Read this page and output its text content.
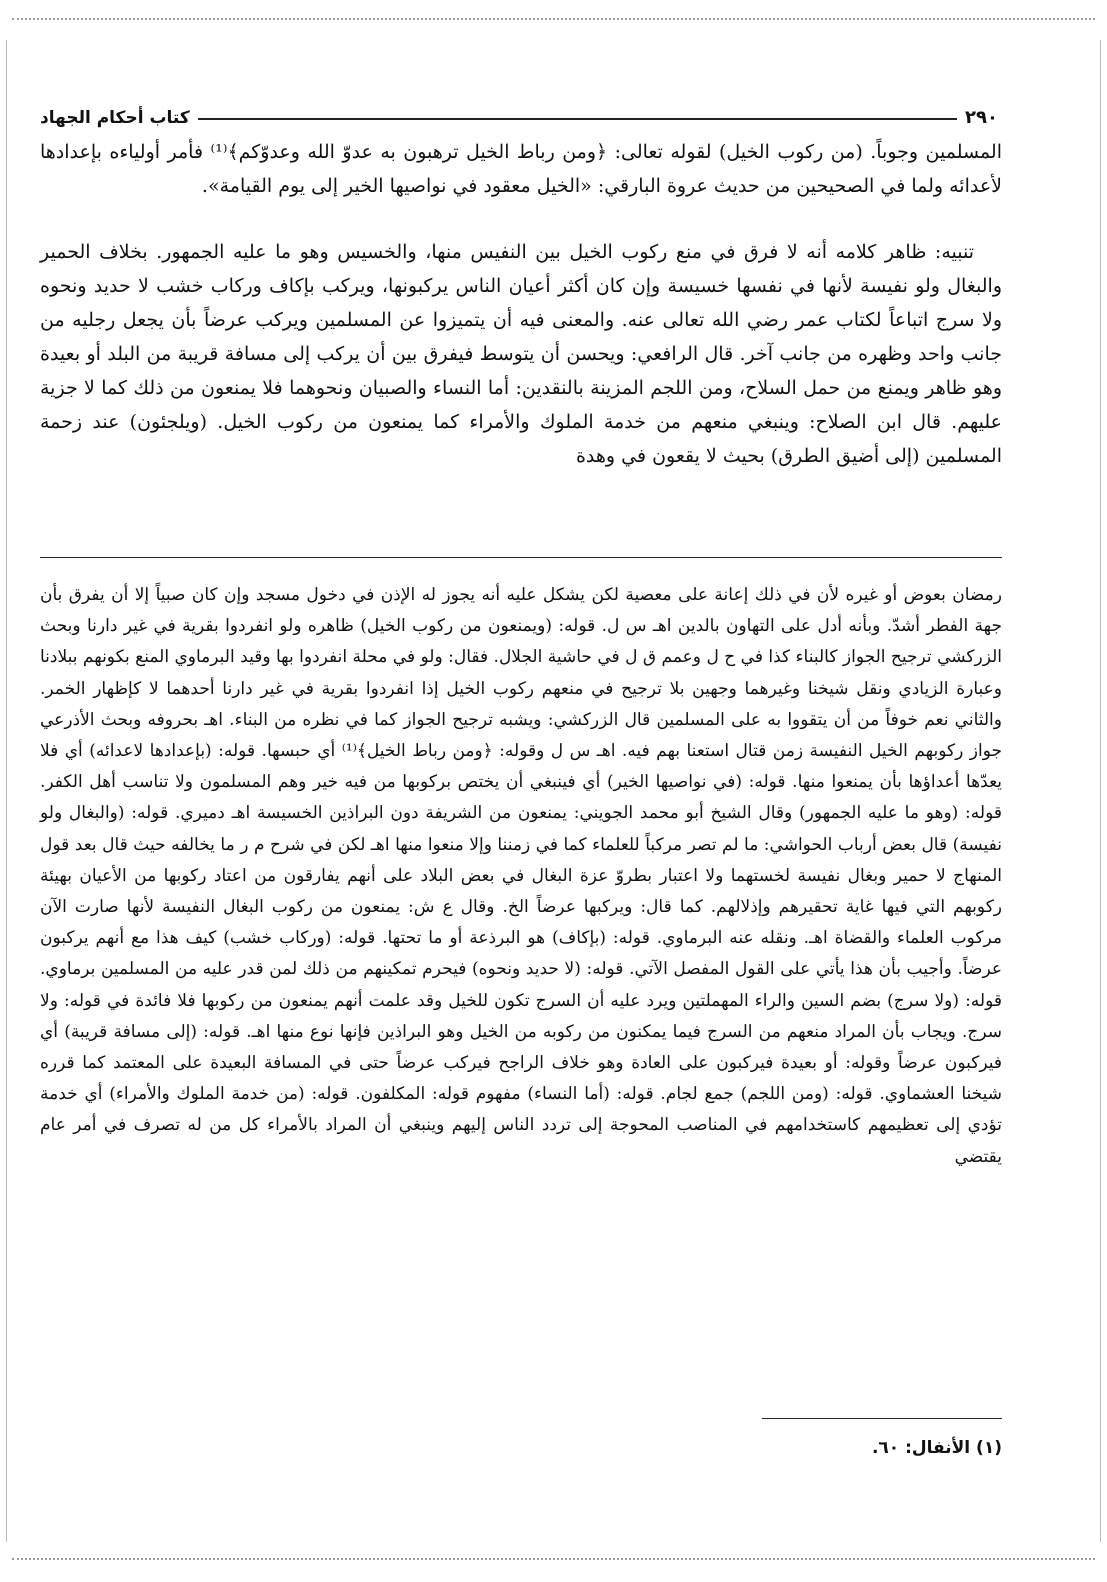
٢٩٠
كتاب أحكام الجهاد

المسلمين وجوباً. (من ركوب الخيل) لقوله تعالى: ﴿ومن رباط الخيل ترهبون به عدوّ الله وعدوّكم﴾⁽¹⁾ فأمر أولياءه بإعدادها لأعدائه ولما في الصحيحين من حديث عروة البارقي: «الخيل معقود في نواصيها الخير إلى يوم القيامة».

تنبيه: ظاهر كلامه أنه لا فرق في منع ركوب الخيل بين النفيس منها، والخسيس وهو ما عليه الجمهور. بخلاف الحمير والبغال ولو نفيسة لأنها في نفسها خسيسة وإن كان أكثر أعيان الناس يركبونها، ويركب بإكاف وركاب خشب لا حديد ونحوه ولا سرج اتباعاً لكتاب عمر رضي الله تعالى عنه. والمعنى فيه أن يتميزوا عن المسلمين ويركب عرضاً بأن يجعل رجليه من جانب واحد وظهره من جانب آخر. قال الرافعي: ويحسن أن يتوسط فيفرق بين أن يركب إلى مسافة قريبة من البلد أو بعيدة وهو ظاهر ويمنع من حمل السلاح، ومن اللجم المزينة بالنقدين: أما النساء والصبيان ونحوهما فلا يمنعون من ذلك كما لا جزية عليهم. قال ابن الصلاح: وينبغي منعهم من خدمة الملوك والأمراء كما يمنعون من ركوب الخيل. (ويلجئون) عند زحمة المسلمين (إلى أضيق الطرق) بحيث لا يقعون في وهدة

رمضان بعوض أو غيره لأن في ذلك إعانة على معصية لكن يشكل عليه أنه يجوز له الإذن في دخول مسجد وإن كان صبياً إلا أن يفرق بأن جهة الفطر أشدّ. وبأنه أدل على التهاون بالدين اهـ س ل. قوله: (ويمنعون من ركوب الخيل) ظاهره ولو انفردوا بقرية في غير دارنا وبحث الزركشي ترجيح الجواز كالبناء كذا في ح ل وعمم ق ل في حاشية الجلال. فقال: ولو في محلة انفردوا بها وقيد البرماوي المنع بكونهم ببلادنا وعبارة الزيادي ونقل شيخنا وغيرهما وجهين بلا ترجيح في منعهم ركوب الخيل إذا انفردوا بقرية في غير دارنا أحدهما لا كإظهار الخمر. والثاني نعم خوفاً من أن يتقووا به على المسلمين قال الزركشي: ويشبه ترجيح الجواز كما في نظره من البناء. اهـ بحروفه وبحث الأذرعي جواز ركوبهم الخيل النفيسة زمن قتال استعنا بهم فيه. اهـ س ل وقوله: ﴿ومن رباط الخيل﴾⁽¹⁾ أي حبسها. قوله: (بإعدادها لاعدائه) أي فلا يعدّها أعداؤها بأن يمنعوا منها. قوله: (في نواصيها الخير) أي فينبغي أن يختص بركوبها من فيه خير وهم المسلمون ولا تناسب أهل الكفر. قوله: (وهو ما عليه الجمهور) وقال الشيخ أبو محمد الجويني: يمنعون من الشريفة دون البراذين الخسيسة اهـ دميري. قوله: (والبغال ولو نفيسة) قال بعض أرباب الحواشي: ما لم تصر مركباً للعلماء كما في زمننا وإلا منعوا منها اهـ لكن في شرح م ر ما يخالفه حيث قال بعد قول المنهاج لا حمير وبغال نفيسة لخستهما ولا اعتبار بطروّ عزة البغال في بعض البلاد على أنهم يفارقون من اعتاد ركوبها من الأعيان بهيئة ركوبهم التي فيها غاية تحقيرهم وإذلالهم. كما قال: ويركبها عرضاً الخ. وقال ع ش: يمنعون من ركوب البغال النفيسة لأنها صارت الآن مركوب العلماء والقضاة اهـ. ونقله عنه البرماوي. قوله: (بإكاف) هو البرذعة أو ما تحتها. قوله: (وركاب خشب) كيف هذا مع أنهم يركبون عرضاً. وأجيب بأن هذا يأتي على القول المفصل الآتي. قوله: (لا حديد ونحوه) فيحرم تمكينهم من ذلك لمن قدر عليه من المسلمين برماوي. قوله: (ولا سرج) بضم السين والراء المهملتين ويرد عليه أن السرج تكون للخيل وقد علمت أنهم يمنعون من ركوبها فلا فائدة في قوله: ولا سرج. ويجاب بأن المراد منعهم من السرج فيما يمكنون من ركوبه من الخيل وهو البراذين فإنها نوع منها اهـ. قوله: (إلى مسافة قريبة) أي فيركبون عرضاً وقوله: أو بعيدة فيركبون على العادة وهو خلاف الراجح فيركب عرضاً حتى في المسافة البعيدة على المعتمد كما قرره شيخنا العشماوي. قوله: (ومن اللجم) جمع لجام. قوله: (أما النساء) مفهوم قوله: المكلفون. قوله: (من خدمة الملوك والأمراء) أي خدمة تؤدي إلى تعظيمهم كاستخدامهم في المناصب المحوجة إلى تردد الناس إليهم وينبغي أن المراد بالأمراء كل من له تصرف في أمر عام يقتضي

(١) الأنفال: ٦٠.
